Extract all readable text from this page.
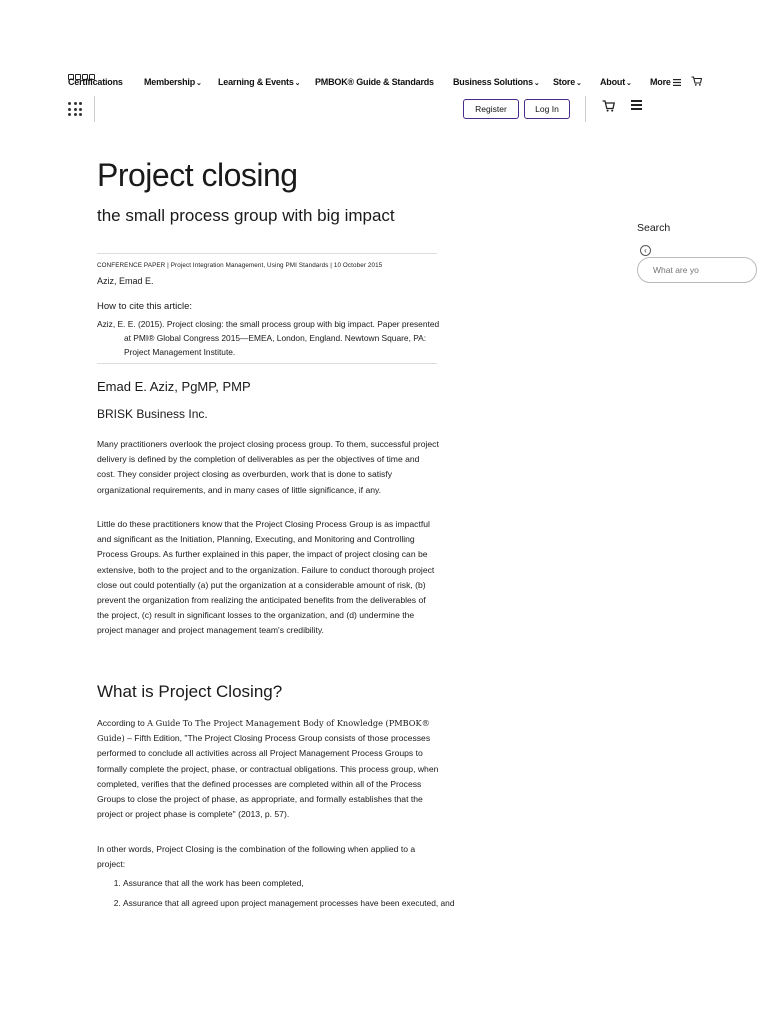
Certifications Membership ⌄ Learning & Events ⌄ PMBOK® Guide & Standards Business Solutions ⌄ Store ⌄ About ⌄ More
Register	Log In
Project closing
the small process group with big impact
CONFERENCE PAPER | Project Integration Management, Using PMI Standards | 10 October 2015
Aziz, Emad E.
How to cite this article:
Aziz, E. E. (2015). Project closing: the small process group with big impact. Paper presented at PMI® Global Congress 2015—EMEA, London, England. Newtown Square, PA: Project Management Institute.
Emad E. Aziz, PgMP, PMP
BRISK Business Inc.

Many practitioners overlook the project closing process group. To them, successful project delivery is defined by the completion of deliverables as per the objectives of time and cost. They consider project closing as overburden, work that is done to satisfy organizational requirements, and in many cases of little significance, if any.

Little do these practitioners know that the Project Closing Process Group is as impactful and significant as the Initiation, Planning, Executing, and Monitoring and Controlling Process Groups. As further explained in this paper, the impact of project closing can be extensive, both to the project and to the organization. Failure to conduct thorough project close out could potentially (a) put the organization at a considerable amount of risk, (b) prevent the organization from realizing the anticipated benefits from the deliverables of the project, (c) result in significant losses to the organization, and (d) undermine the project manager and project management team's credibility.

What is Project Closing?

According to A Guide To The Project Management Body of Knowledge (PMBOK® Guide) – Fifth Edition, "The Project Closing Process Group consists of those processes performed to conclude all activities across all Project Management Process Groups to formally complete the project, phase, or contractual obligations. This process group, when completed, verifies that the defined processes are completed within all of the Process Groups to close the project of phase, as appropriate, and formally establishes that the project or project phase is complete" (2013, p. 57).

In other words, Project Closing is the combination of the following when applied to a project:

1. Assurance that all the work has been completed,
2. Assurance that all agreed upon project management processes have been executed, and
Search
‹
What are yo
